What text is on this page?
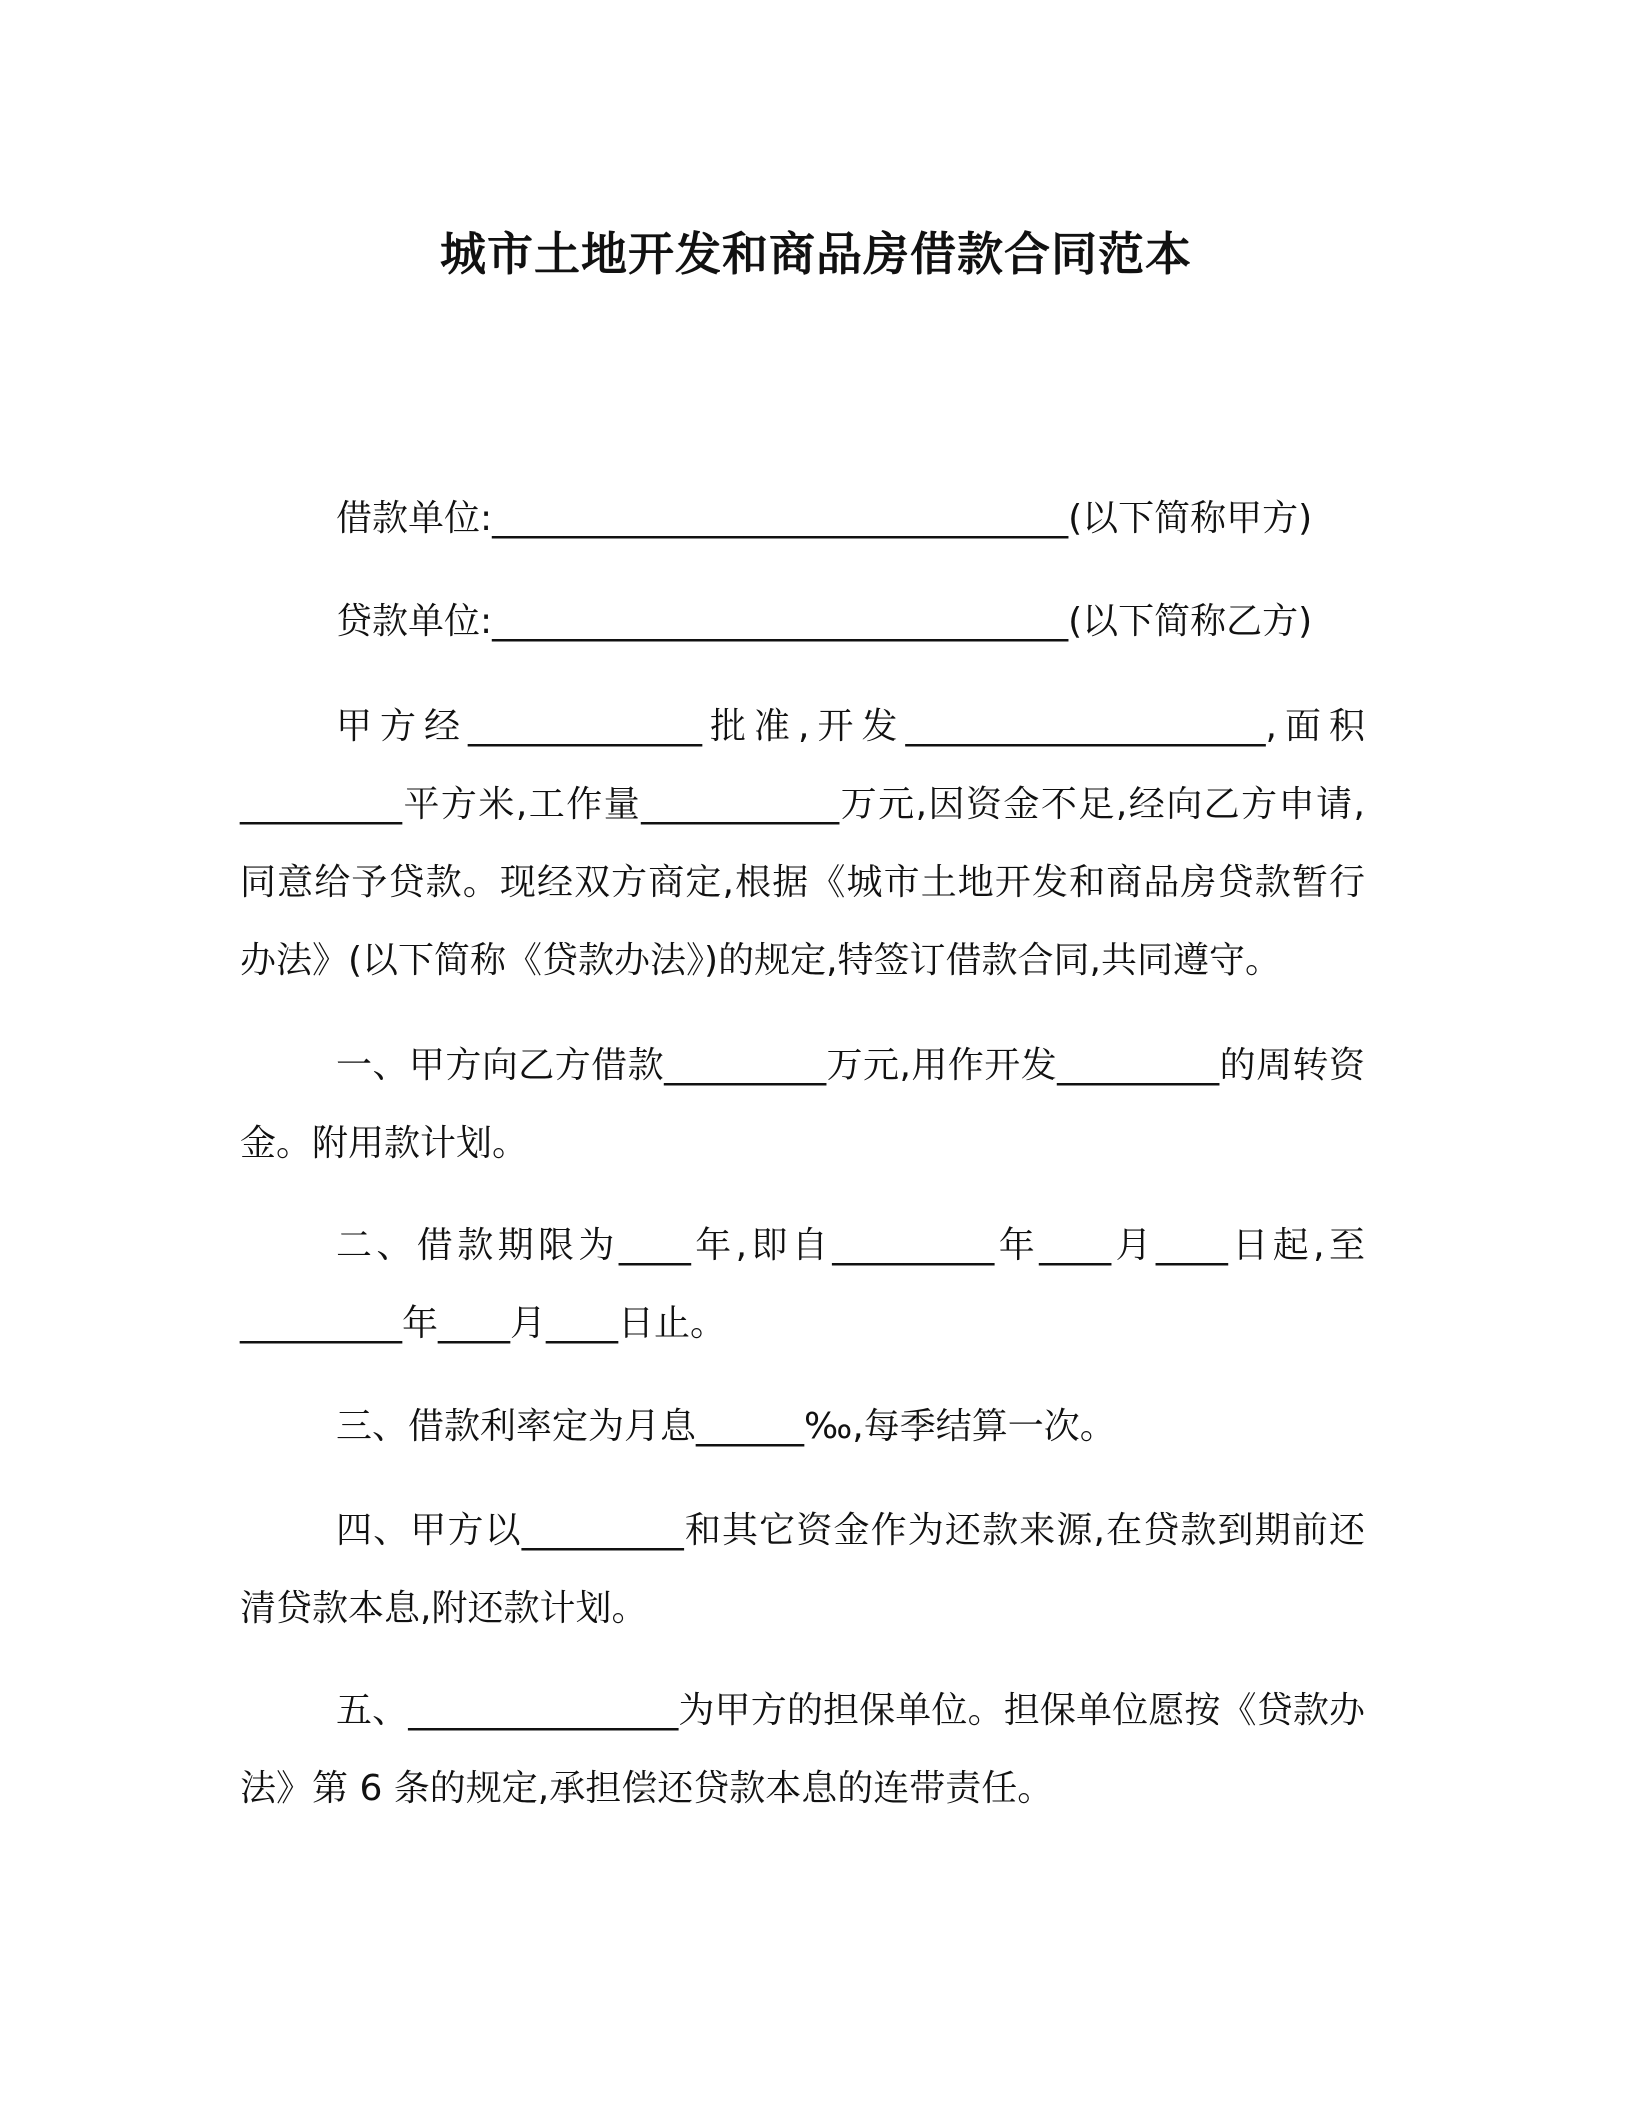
城市土地开发和商品房借款合同范本

借款单位:________________________________(以下简称甲方)

贷款单位:________________________________(以下简称乙方)

甲方经_____________批准,开发____________________,面积_________平方米,工作量___________万元,因资金不足,经向乙方申请,同意给予贷款。现经双方商定,根据《城市土地开发和商品房贷款暂行办法》(以下简称《贷款办法》)的规定,特签订借款合同,共同遵守。

一、甲方向乙方借款_________万元,用作开发_________的周转资金。附用款计划。

二、借款期限为____年,即自_________年____月____日起,至_________年____月____日止。

三、借款利率定为月息______‰,每季结算一次。

四、甲方以_________和其它资金作为还款来源,在贷款到期前还清贷款本息,附还款计划。

五、_______________为甲方的担保单位。担保单位愿按《贷款办法》第 6 条的规定,承担偿还贷款本息的连带责任。
